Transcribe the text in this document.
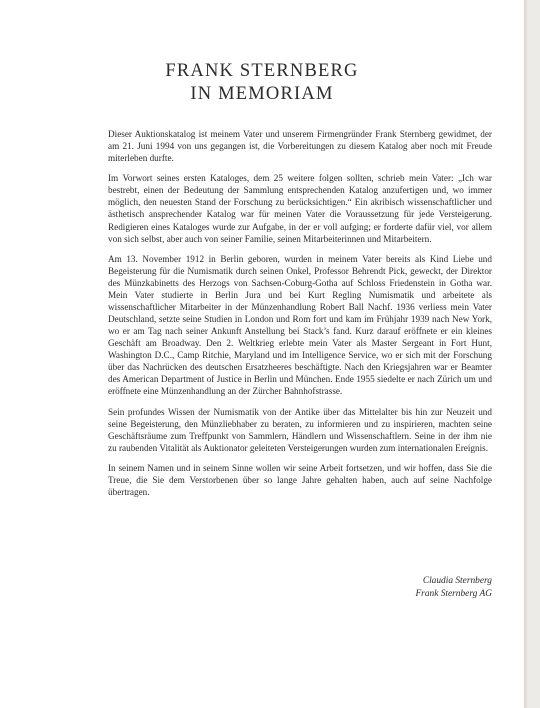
FRANK STERNBERG
IN MEMORIAM

Dieser Auktionskatalog ist meinem Vater und unserem Firmengründer Frank Sternberg gewidmet, der am 21. Juni 1994 von uns gegangen ist, die Vorbereitungen zu diesem Katalog aber noch mit Freude miterleben durfte.

Im Vorwort seines ersten Kataloges, dem 25 weitere folgen sollten, schrieb mein Vater: „Ich war bestrebt, einen der Bedeutung der Sammlung entsprechenden Katalog anzufertigen und, wo immer möglich, den neuesten Stand der Forschung zu berücksichtigen.“ Ein akribisch wissenschaftlicher und ästhetisch ansprechender Katalog war für meinen Vater die Voraussetzung für jede Versteigerung. Redigieren eines Kataloges wurde zur Aufgabe, in der er voll aufging; er forderte dafür viel, vor allem von sich selbst, aber auch von seiner Familie, seinen Mitarbeiterinnen und Mitarbeitern.

Am 13. November 1912 in Berlin geboren, wurden in meinem Vater bereits als Kind Liebe und Begeisterung für die Numismatik durch seinen Onkel, Professor Behrendt Pick, geweckt, der Direktor des Münzkabinetts des Herzogs von Sachsen-Coburg-Gotha auf Schloss Friedenstein in Gotha war. Mein Vater studierte in Berlin Jura und bei Kurt Regling Numismatik und arbeitete als wissenschaftlicher Mitarbeiter in der Münzenhandlung Robert Ball Nachf. 1936 verliess mein Vater Deutschland, setzte seine Studien in London und Rom fort und kam im Frühjahr 1939 nach New York, wo er am Tag nach seiner Ankunft Anstellung bei Stack’s fand. Kurz darauf eröffnete er ein kleines Geschäft am Broadway. Den 2. Weltkrieg erlebte mein Vater als Master Sergeant in Fort Hunt, Washington D.C., Camp Ritchie, Maryland und im Intelligence Service, wo er sich mit der Forschung über das Nachrücken des deutschen Ersatzheeres beschäftigte. Nach den Kriegsjahren war er Beamter des American Department of Justice in Berlin und München. Ende 1955 siedelte er nach Zürich um und eröffnete eine Münzenhandlung an der Zürcher Bahnhofstrasse.

Sein profundes Wissen der Numismatik von der Antike über das Mittelalter bis hin zur Neuzeit und seine Begeisterung, den Münzliebhaber zu beraten, zu informieren und zu inspirieren, machten seine Geschäftsräume zum Treffpunkt von Sammlern, Händlern und Wissenschaftlern. Seine in der ihm nie zu raubenden Vitalität als Auktionator geleiteten Versteigerungen wurden zum internationalen Ereignis.

In seinem Namen und in seinem Sinne wollen wir seine Arbeit fortsetzen, und wir hoffen, dass Sie die Treue, die Sie dem Verstorbenen über so lange Jahre gehalten haben, auch auf seine Nachfolge übertragen.

Claudia Sternberg
Frank Sternberg AG
